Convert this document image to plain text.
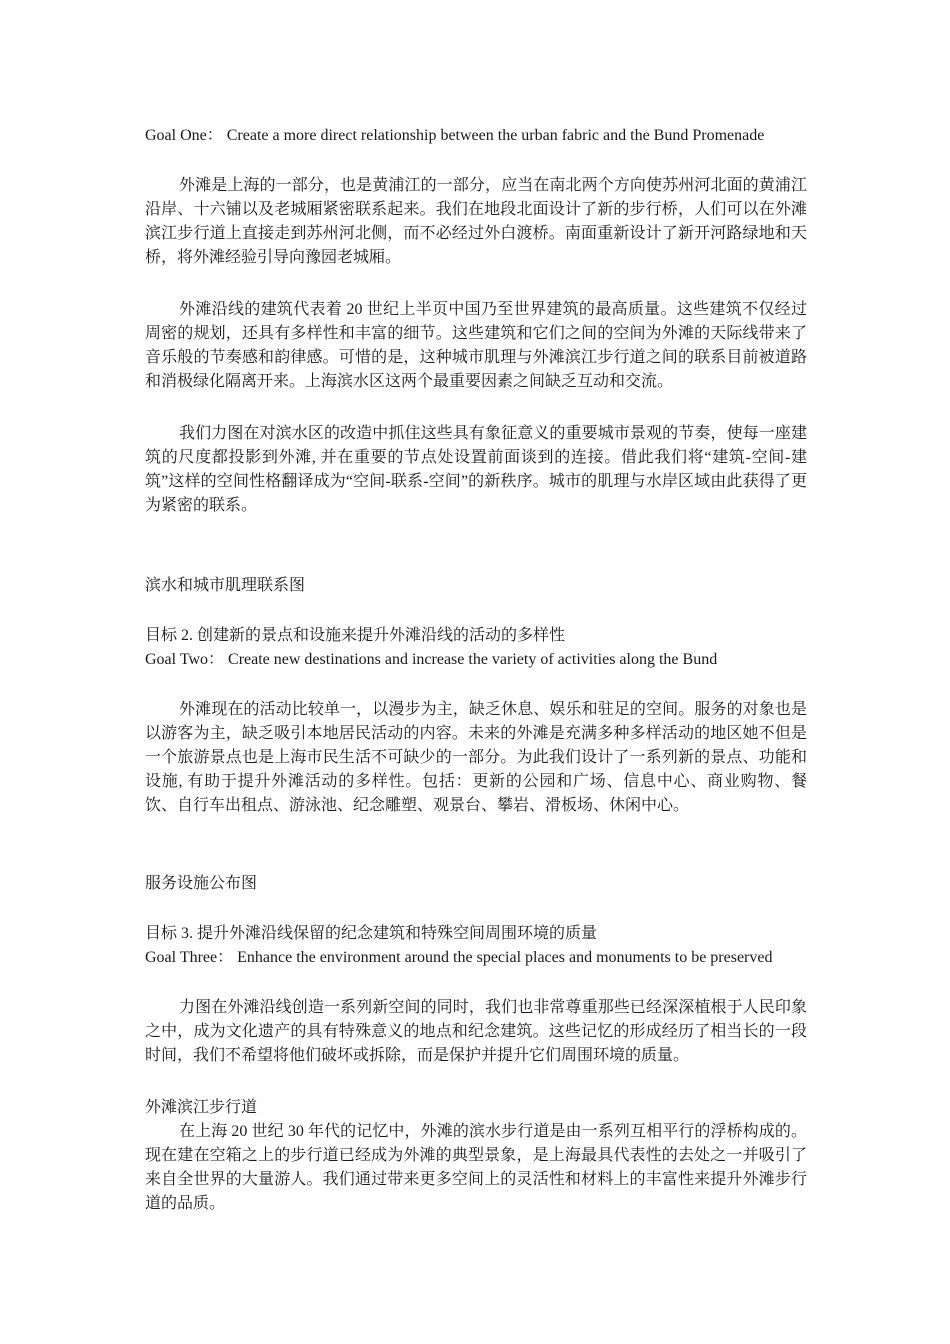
Goal One： Create a more direct relationship between the urban fabric and the Bund Promenade
外滩是上海的一部分，也是黄浦江的一部分，应当在南北两个方向使苏州河北面的黄浦江沿岸、十六铺以及老城厢紧密联系起来。我们在地段北面设计了新的步行桥，人们可以在外滩滨江步行道上直接走到苏州河北侧，而不必经过外白渡桥。南面重新设计了新开河路绿地和天桥，将外滩经验引导向豫园老城厢。
外滩沿线的建筑代表着 20 世纪上半页中国乃至世界建筑的最高质量。这些建筑不仅经过周密的规划，还具有多样性和丰富的细节。这些建筑和它们之间的空间为外滩的天际线带来了音乐般的节奏感和韵律感。可惜的是，这种城市肌理与外滩滨江步行道之间的联系目前被道路和消极绿化隔离开来。上海滨水区这两个最重要因素之间缺乏互动和交流。
我们力图在对滨水区的改造中抓住这些具有象征意义的重要城市景观的节奏，使每一座建筑的尺度都投影到外滩, 并在重要的节点处设置前面谈到的连接。借此我们将“建筑-空间-建筑”这样的空间性格翻译成为“空间-联系-空间”的新秩序。城市的肌理与水岸区域由此获得了更为紧密的联系。
滨水和城市肌理联系图
目标 2. 创建新的景点和设施来提升外滩沿线的活动的多样性
Goal Two： Create new destinations and increase the variety of activities along the Bund
外滩现在的活动比较单一，以漫步为主，缺乏休息、娱乐和驻足的空间。服务的对象也是以游客为主，缺乏吸引本地居民活动的内容。未来的外滩是充满多种多样活动的地区她不但是一个旅游景点也是上海市民生活不可缺少的一部分。为此我们设计了一系列新的景点、功能和设施, 有助于提升外滩活动的多样性。包括：更新的公园和广场、信息中心、商业购物、餐饮、自行车出租点、游泳池、纪念雕塑、观景台、攀岩、滑板场、休闲中心。
服务设施公布图
目标 3. 提升外滩沿线保留的纪念建筑和特殊空间周围环境的质量
Goal Three： Enhance the environment around the special places and monuments to be preserved
力图在外滩沿线创造一系列新空间的同时，我们也非常尊重那些已经深深植根于人民印象之中，成为文化遗产的具有特殊意义的地点和纪念建筑。这些记忆的形成经历了相当长的一段时间，我们不希望将他们破坏或拆除，而是保护并提升它们周围环境的质量。
外滩滨江步行道
在上海 20 世纪 30 年代的记忆中，外滩的滨水步行道是由一系列互相平行的浮桥构成的。现在建在空箱之上的步行道已经成为外滩的典型景象，是上海最具代表性的去处之一并吸引了来自全世界的大量游人。我们通过带来更多空间上的灵活性和材料上的丰富性来提升外滩步行道的品质。
